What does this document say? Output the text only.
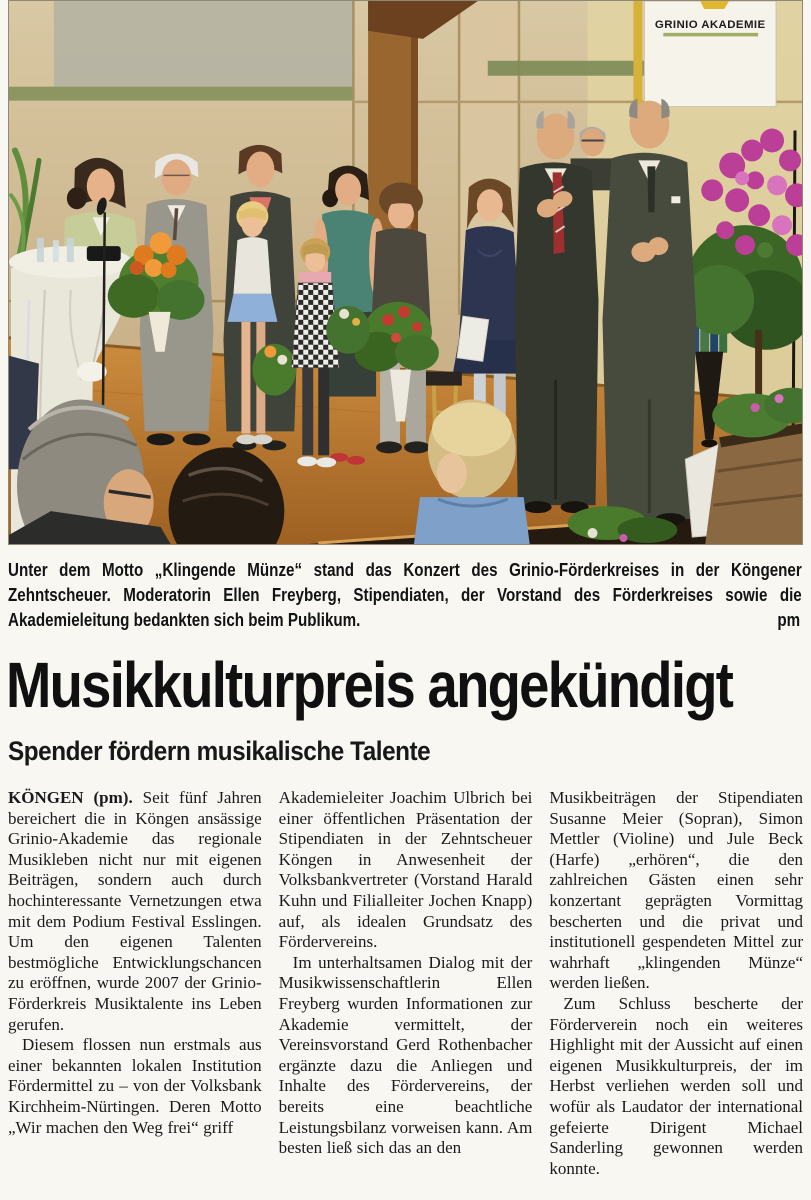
GRINIO AKADEMIE

Unter dem Motto „Klingende Münze“ stand das Konzert des Grinio-Förderkreises in der Köngener Zehntscheuer. Moderatorin Ellen Freyberg, Stipendiaten, der Vorstand des Förderkreises sowie die Akademieleitung bedankten sich beim Publikum.	pm

Musikkulturpreis angekündigt
Spender fördern musikalische Talente

KÖNGEN (pm). Seit fünf Jahren bereichert die in Köngen ansässige Grinio-Akademie das regionale Musikleben nicht nur mit eigenen Beiträgen, sondern auch durch hochinteressante Vernetzungen etwa mit dem Podium Festival Esslingen. Um den eigenen Talenten bestmögliche Entwicklungschancen zu eröffnen, wurde 2007 der Grinio-Förderkreis Musiktalente ins Leben gerufen.

Diesem flossen nun erstmals aus einer bekannten lokalen Institution Fördermittel zu – von der Volksbank Kirchheim-Nürtingen. Deren Motto „Wir machen den Weg frei“ griff

Akademieleiter Joachim Ulbrich bei einer öffentlichen Präsentation der Stipendiaten in der Zehntscheuer Köngen in Anwesenheit der Volksbankvertreter (Vorstand Harald Kuhn und Filialleiter Jochen Knapp) auf, als idealen Grundsatz des Fördervereins.

Im unterhaltsamen Dialog mit der Musikwissenschaftlerin Ellen Freyberg wurden Informationen zur Akademie vermittelt, der Vereinsvorstand Gerd Rothenbacher ergänzte dazu die Anliegen und Inhalte des Fördervereins, der bereits eine beachtliche Leistungsbilanz vorweisen kann. Am besten ließ sich das an den

Musikbeiträgen der Stipendiaten Susanne Meier (Sopran), Simon Mettler (Violine) und Jule Beck (Harfe) „erhören“, die den zahlreichen Gästen einen sehr konzertant geprägten Vormittag bescherten und die privat und institutionell gespendeten Mittel zur wahrhaft „klingenden Münze“ werden ließen.

Zum Schluss bescherte der Förderverein noch ein weiteres Highlight mit der Aussicht auf einen eigenen Musikkulturpreis, der im Herbst verliehen werden soll und wofür als Laudator der international gefeierte Dirigent Michael Sanderling gewonnen werden konnte.
